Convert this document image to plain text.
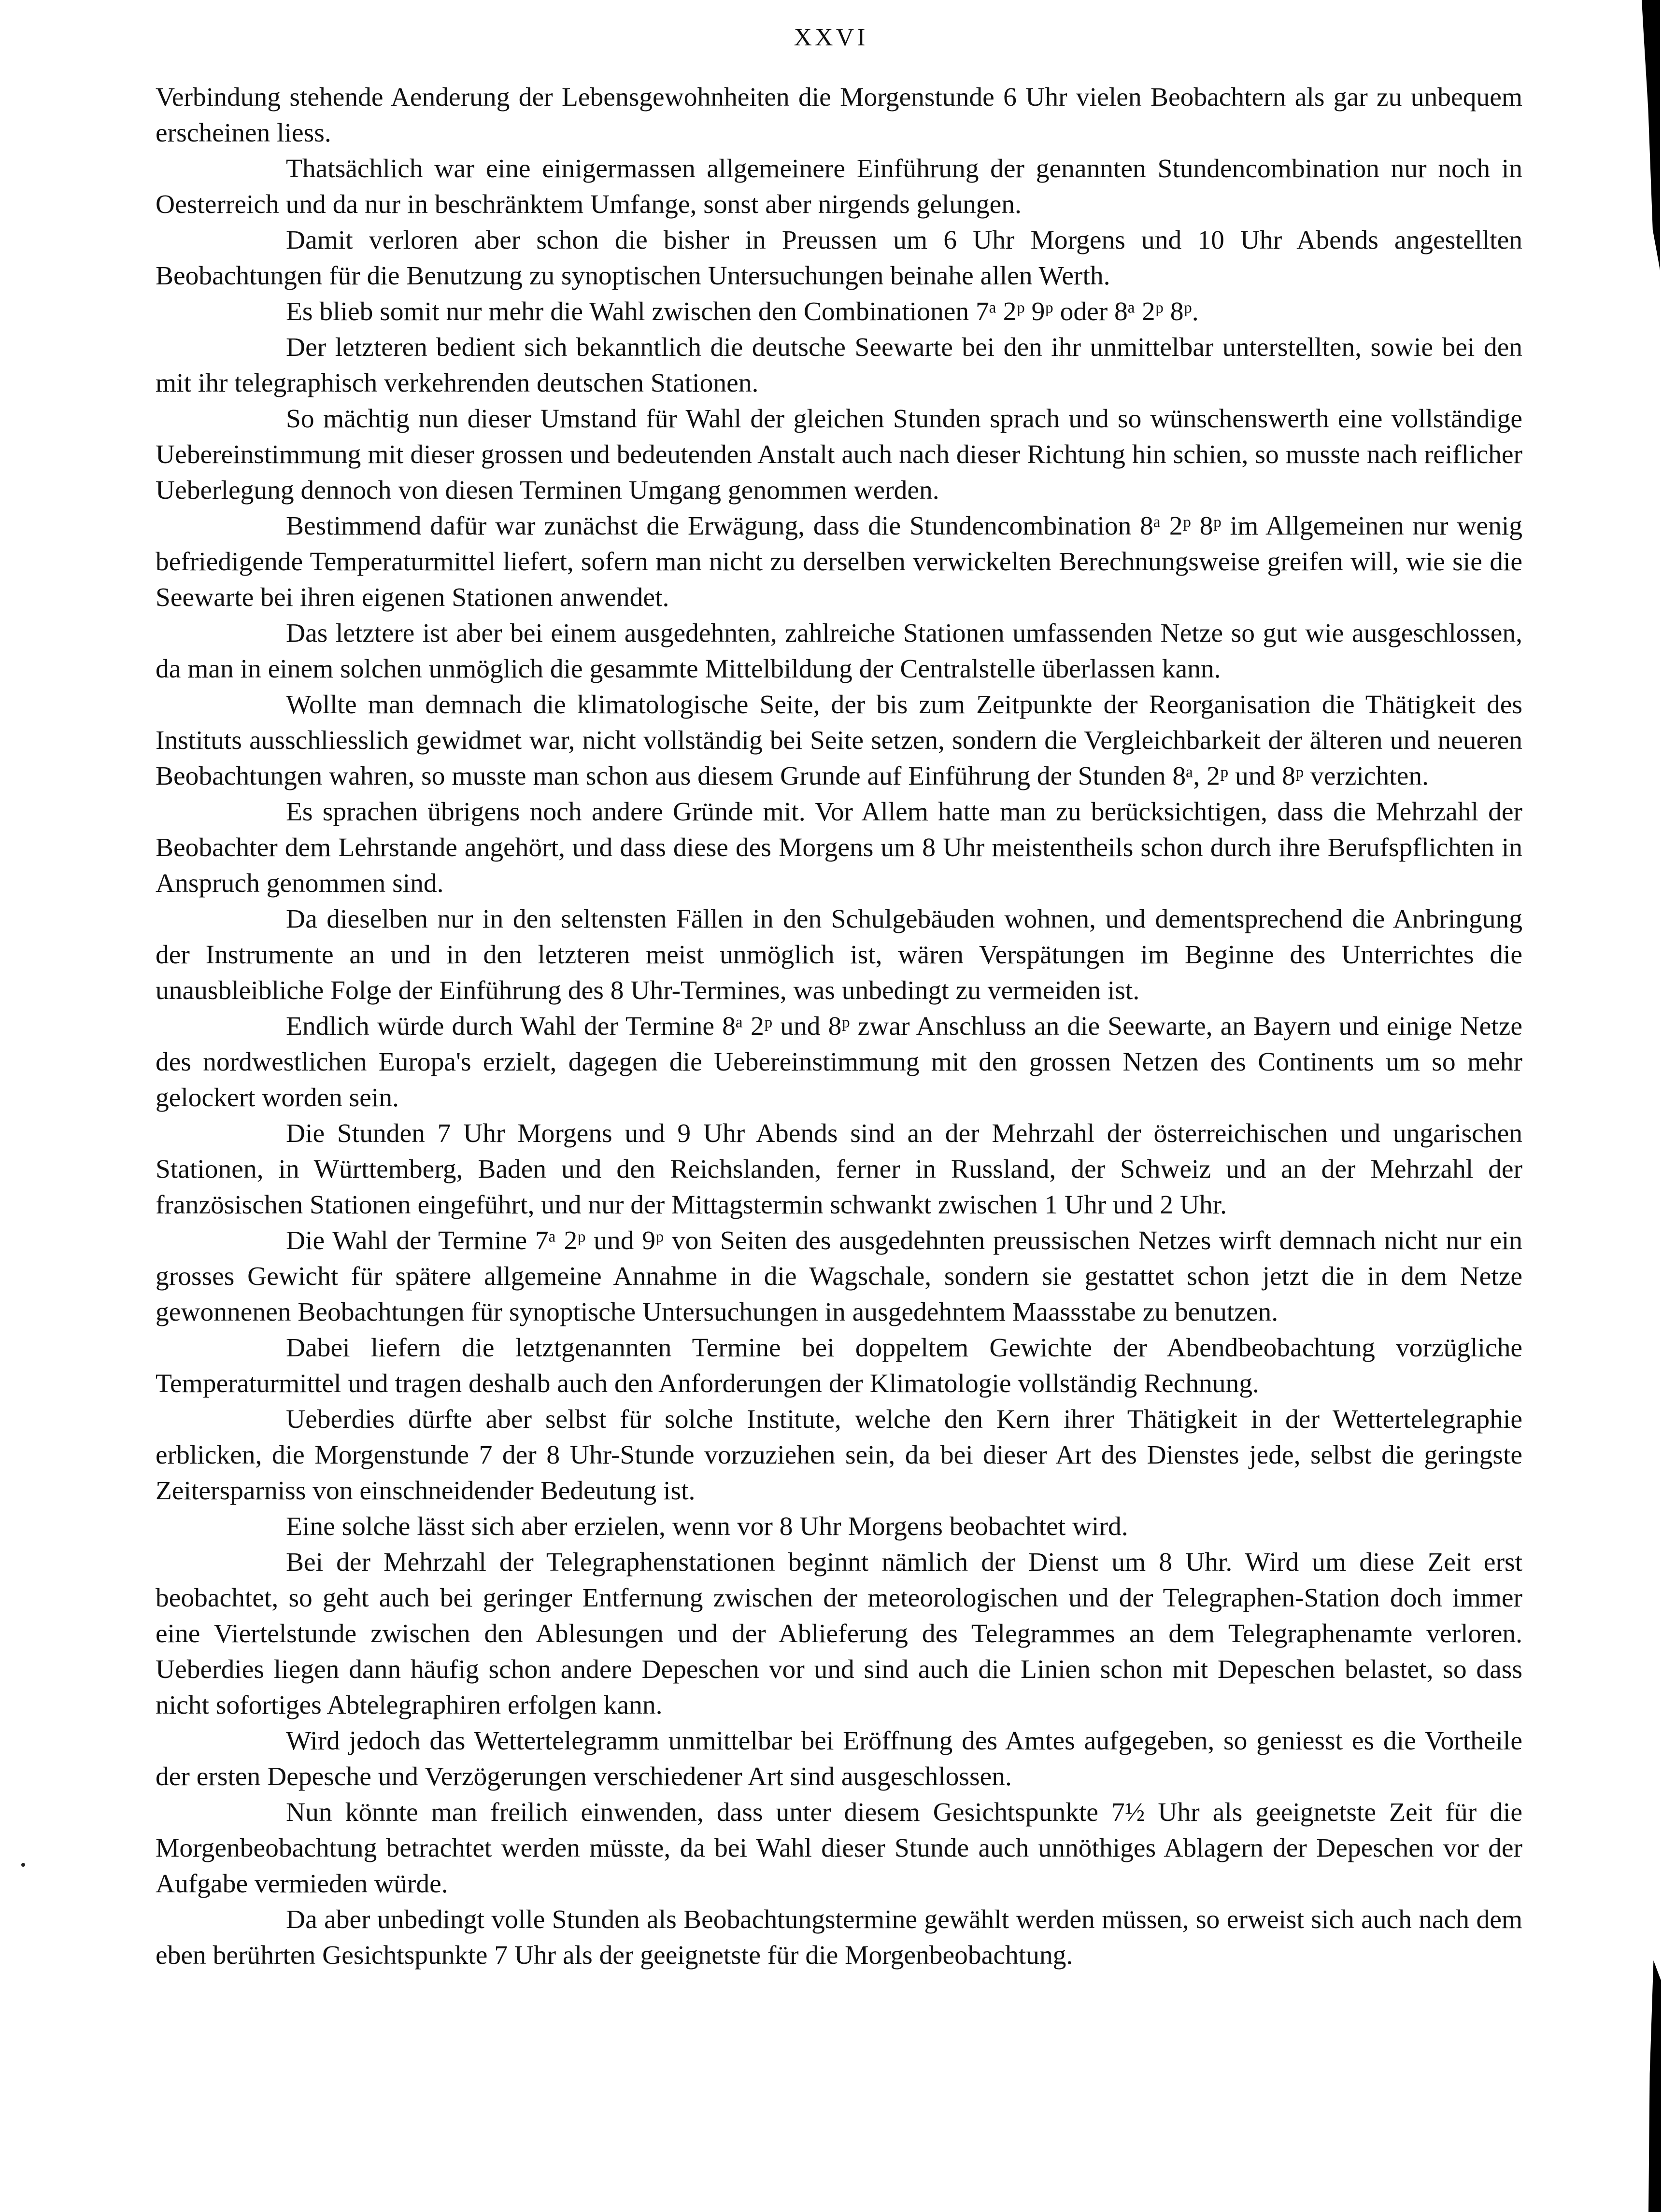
XXVI

Verbindung stehende Aenderung der Lebensgewohnheiten die Morgenstunde 6 Uhr vielen Beobachtern als gar zu unbequem erscheinen liess.

Thatsächlich war eine einigermassen allgemeinere Einführung der genannten Stundencombination nur noch in Oesterreich und da nur in beschränktem Umfange, sonst aber nirgends gelungen.

Damit verloren aber schon die bisher in Preussen um 6 Uhr Morgens und 10 Uhr Abends angestellten Beobachtungen für die Benutzung zu synoptischen Untersuchungen beinahe allen Werth.

Es blieb somit nur mehr die Wahl zwischen den Combinationen 7ᵃ 2ᵖ 9ᵖ oder 8ᵃ 2ᵖ 8ᵖ.

Der letzteren bedient sich bekanntlich die deutsche Seewarte bei den ihr unmittelbar unterstellten, sowie bei den mit ihr telegraphisch verkehrenden deutschen Stationen.

So mächtig nun dieser Umstand für Wahl der gleichen Stunden sprach und so wünschenswerth eine vollständige Uebereinstimmung mit dieser grossen und bedeutenden Anstalt auch nach dieser Richtung hin schien, so musste nach reiflicher Ueberlegung dennoch von diesen Terminen Umgang genommen werden.

Bestimmend dafür war zunächst die Erwägung, dass die Stundencombination 8ᵃ 2ᵖ 8ᵖ im Allgemeinen nur wenig befriedigende Temperaturmittel liefert, sofern man nicht zu derselben verwickelten Berechnungsweise greifen will, wie sie die Seewarte bei ihren eigenen Stationen anwendet.

Das letztere ist aber bei einem ausgedehnten, zahlreiche Stationen umfassenden Netze so gut wie ausgeschlossen, da man in einem solchen unmöglich die gesammte Mittelbildung der Centralstelle überlassen kann.

Wollte man demnach die klimatologische Seite, der bis zum Zeitpunkte der Reorganisation die Thätigkeit des Instituts ausschliesslich gewidmet war, nicht vollständig bei Seite setzen, sondern die Vergleichbarkeit der älteren und neueren Beobachtungen wahren, so musste man schon aus diesem Grunde auf Einführung der Stunden 8ᵃ, 2ᵖ und 8ᵖ verzichten.

Es sprachen übrigens noch andere Gründe mit. Vor Allem hatte man zu berücksichtigen, dass die Mehrzahl der Beobachter dem Lehrstande angehört, und dass diese des Morgens um 8 Uhr meistentheils schon durch ihre Berufspflichten in Anspruch genommen sind.

Da dieselben nur in den seltensten Fällen in den Schulgebäuden wohnen, und dementsprechend die Anbringung der Instrumente an und in den letzteren meist unmöglich ist, wären Verspätungen im Beginne des Unterrichtes die unausbleibliche Folge der Einführung des 8 Uhr-Termines, was unbedingt zu vermeiden ist.

Endlich würde durch Wahl der Termine 8ᵃ 2ᵖ und 8ᵖ zwar Anschluss an die Seewarte, an Bayern und einige Netze des nordwestlichen Europa's erzielt, dagegen die Uebereinstimmung mit den grossen Netzen des Continents um so mehr gelockert worden sein.

Die Stunden 7 Uhr Morgens und 9 Uhr Abends sind an der Mehrzahl der österreichischen und ungarischen Stationen, in Württemberg, Baden und den Reichslanden, ferner in Russland, der Schweiz und an der Mehrzahl der französischen Stationen eingeführt, und nur der Mittagstermin schwankt zwischen 1 Uhr und 2 Uhr.

Die Wahl der Termine 7ᵃ 2ᵖ und 9ᵖ von Seiten des ausgedehnten preussischen Netzes wirft demnach nicht nur ein grosses Gewicht für spätere allgemeine Annahme in die Wagschale, sondern sie gestattet schon jetzt die in dem Netze gewonnenen Beobachtungen für synoptische Untersuchungen in ausgedehntem Maassstabe zu benutzen.

Dabei liefern die letztgenannten Termine bei doppeltem Gewichte der Abendbeobachtung vorzügliche Temperaturmittel und tragen deshalb auch den Anforderungen der Klimatologie vollständig Rechnung.

Ueberdies dürfte aber selbst für solche Institute, welche den Kern ihrer Thätigkeit in der Wettertelegraphie erblicken, die Morgenstunde 7 der 8 Uhr-Stunde vorzuziehen sein, da bei dieser Art des Dienstes jede, selbst die geringste Zeitersparniss von einschneidender Bedeutung ist.

Eine solche lässt sich aber erzielen, wenn vor 8 Uhr Morgens beobachtet wird.

Bei der Mehrzahl der Telegraphenstationen beginnt nämlich der Dienst um 8 Uhr. Wird um diese Zeit erst beobachtet, so geht auch bei geringer Entfernung zwischen der meteorologischen und der Telegraphen-Station doch immer eine Viertelstunde zwischen den Ablesungen und der Ablieferung des Telegrammes an dem Telegraphenamte verloren. Ueberdies liegen dann häufig schon andere Depeschen vor und sind auch die Linien schon mit Depeschen belastet, so dass nicht sofortiges Abtelegraphiren erfolgen kann.

Wird jedoch das Wettertelegramm unmittelbar bei Eröffnung des Amtes aufgegeben, so geniesst es die Vortheile der ersten Depesche und Verzögerungen verschiedener Art sind ausgeschlossen.

Nun könnte man freilich einwenden, dass unter diesem Gesichtspunkte 7½ Uhr als geeignetste Zeit für die Morgenbeobachtung betrachtet werden müsste, da bei Wahl dieser Stunde auch unnöthiges Ablagern der Depeschen vor der Aufgabe vermieden würde.

Da aber unbedingt volle Stunden als Beobachtungstermine gewählt werden müssen, so erweist sich auch nach dem eben berührten Gesichtspunkte 7 Uhr als der geeignetste für die Morgenbeobachtung.
